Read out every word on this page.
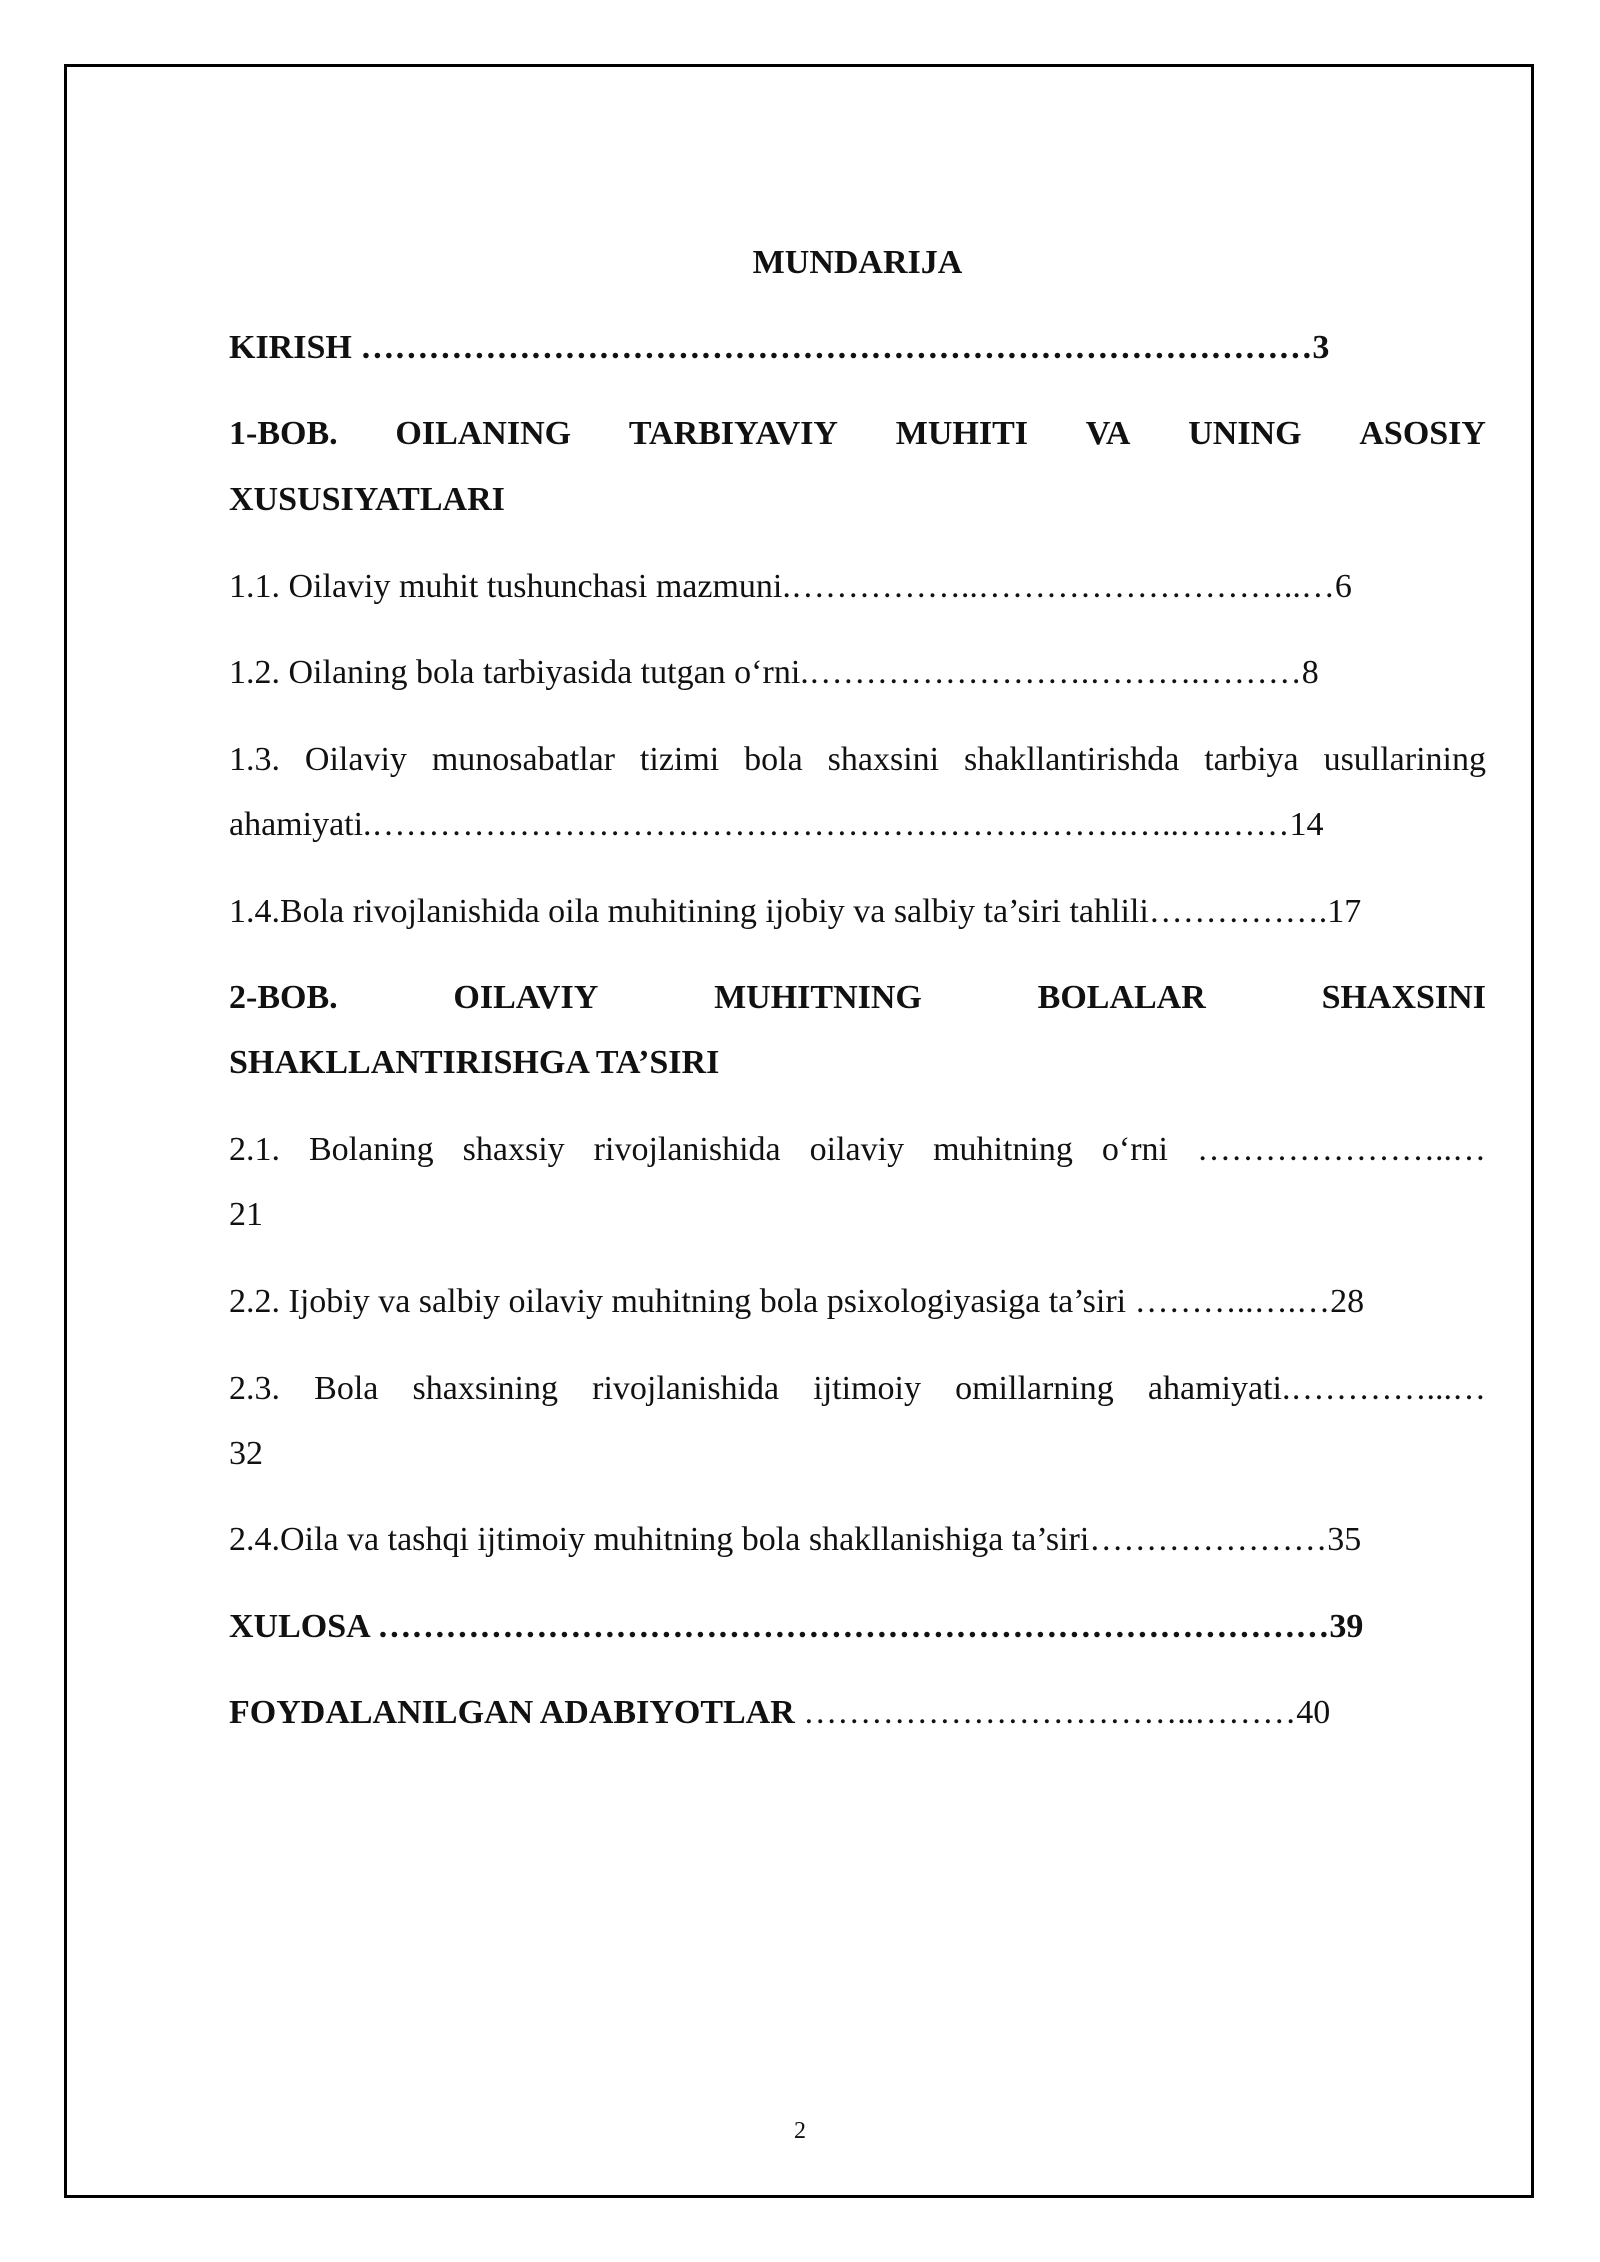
MUNDARIJA
KIRISH …………………………………………………………………………3
1-BOB. OILANING TARBIYAVIY MUHITI VA UNING ASOSIY
XUSUSIYATLARI
1.1. Oilaviy muhit tushunchasi mazmuni.……………..………………………..…6
1.2. Oilaning bola tarbiyasida tutgan o‘rni.…………………….……….………8
1.3. Oilaviy munosabatlar tizimi bola shaxsini shakllantirishda tarbiya usullarining
ahamiyati.………………………………………………………….…..….……14
1.4.Bola rivojlanishida oila muhitining ijobiy va salbiy ta’siri tahlili…………….17
2-BOB.	OILAVIY	MUHITNING	BOLALAR	SHAXSINI
SHAKLLANTIRISHGA TA’SIRI
2.1. Bolaning shaxsiy rivojlanishida oilaviy muhitning o‘rni …………………..…
21
2.2. Ijobiy va salbiy oilaviy muhitning bola psixologiyasiga ta’siri ………..….…28
2.3. Bola shaxsining rivojlanishida ijtimoiy omillarning ahamiyati.…………...…
32
2.4.Oila va tashqi ijtimoiy muhitning bola shakllanishiga ta’siri…………………35
XULOSA …………………………………………………………………………39
FOYDALANILGAN ADABIYOTLAR ……………………………..………40
2
